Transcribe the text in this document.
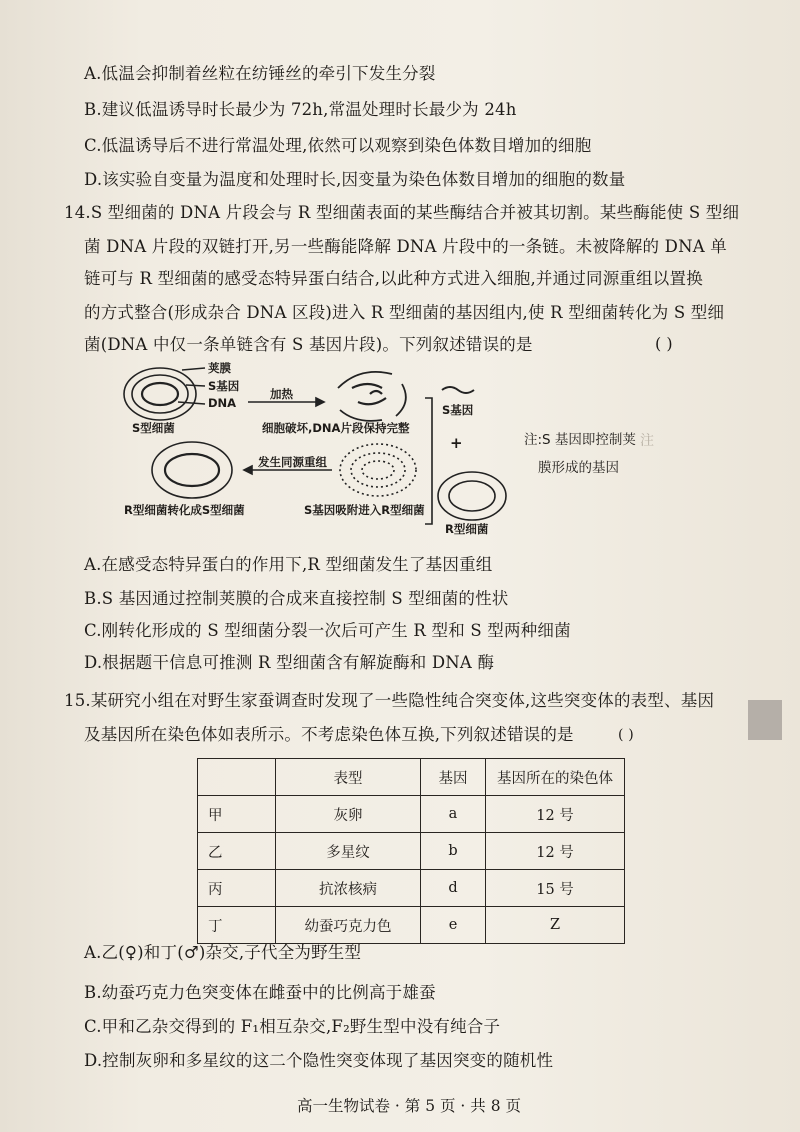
注
A.低温会抑制着丝粒在纺锤丝的牵引下发生分裂
B.建议低温诱导时长最少为 72h,常温处理时长最少为 24h
C.低温诱导后不进行常温处理,依然可以观察到染色体数目增加的细胞
D.该实验自变量为温度和处理时长,因变量为染色体数目增加的细胞的数量
14.S 型细菌的 DNA 片段会与 R 型细菌表面的某些酶结合并被其切割。某些酶能使 S 型细
菌 DNA 片段的双链打开,另一些酶能降解 DNA 片段中的一条链。未被降解的 DNA 单
链可与 R 型细菌的感受态特异蛋白结合,以此种方式进入细胞,并通过同源重组以置换
的方式整合(形成杂合 DNA 区段)进入 R 型细菌的基因组内,使 R 型细菌转化为 S 型细
菌(DNA 中仅一条单链含有 S 基因片段)。下列叙述错误的是	( )
荚膜
S基因
DNA
S型细菌
加热
细胞破坏,DNA片段保持完整
S基因
+
R型细菌
S基因吸附进入R型细菌
发生同源重组
R型细菌转化成S型细菌
注:S 基因即控制荚
膜形成的基因
A.在感受态特异蛋白的作用下,R 型细菌发生了基因重组
B.S 基因通过控制荚膜的合成来直接控制 S 型细菌的性状
C.刚转化形成的 S 型细菌分裂一次后可产生 R 型和 S 型两种细菌
D.根据题干信息可推测 R 型细菌含有解旋酶和 DNA 酶
15.某研究小组在对野生家蚕调查时发现了一些隐性纯合突变体,这些突变体的表型、基因
及基因所在染色体如表所示。不考虑染色体互换,下列叙述错误的是	( )
	表型	基因	基因所在的染色体
甲	灰卵	a	12 号
乙	多星纹	b	12 号
丙	抗浓核病	d	15 号
丁	幼蚕巧克力色	e	Z
A.乙(♀)和丁(♂)杂交,子代全为野生型
B.幼蚕巧克力色突变体在雌蚕中的比例高于雄蚕
C.甲和乙杂交得到的 F₁相互杂交,F₂野生型中没有纯合子
D.控制灰卵和多星纹的这二个隐性突变体现了基因突变的随机性
高一生物试卷 · 第 5 页 · 共 8 页
